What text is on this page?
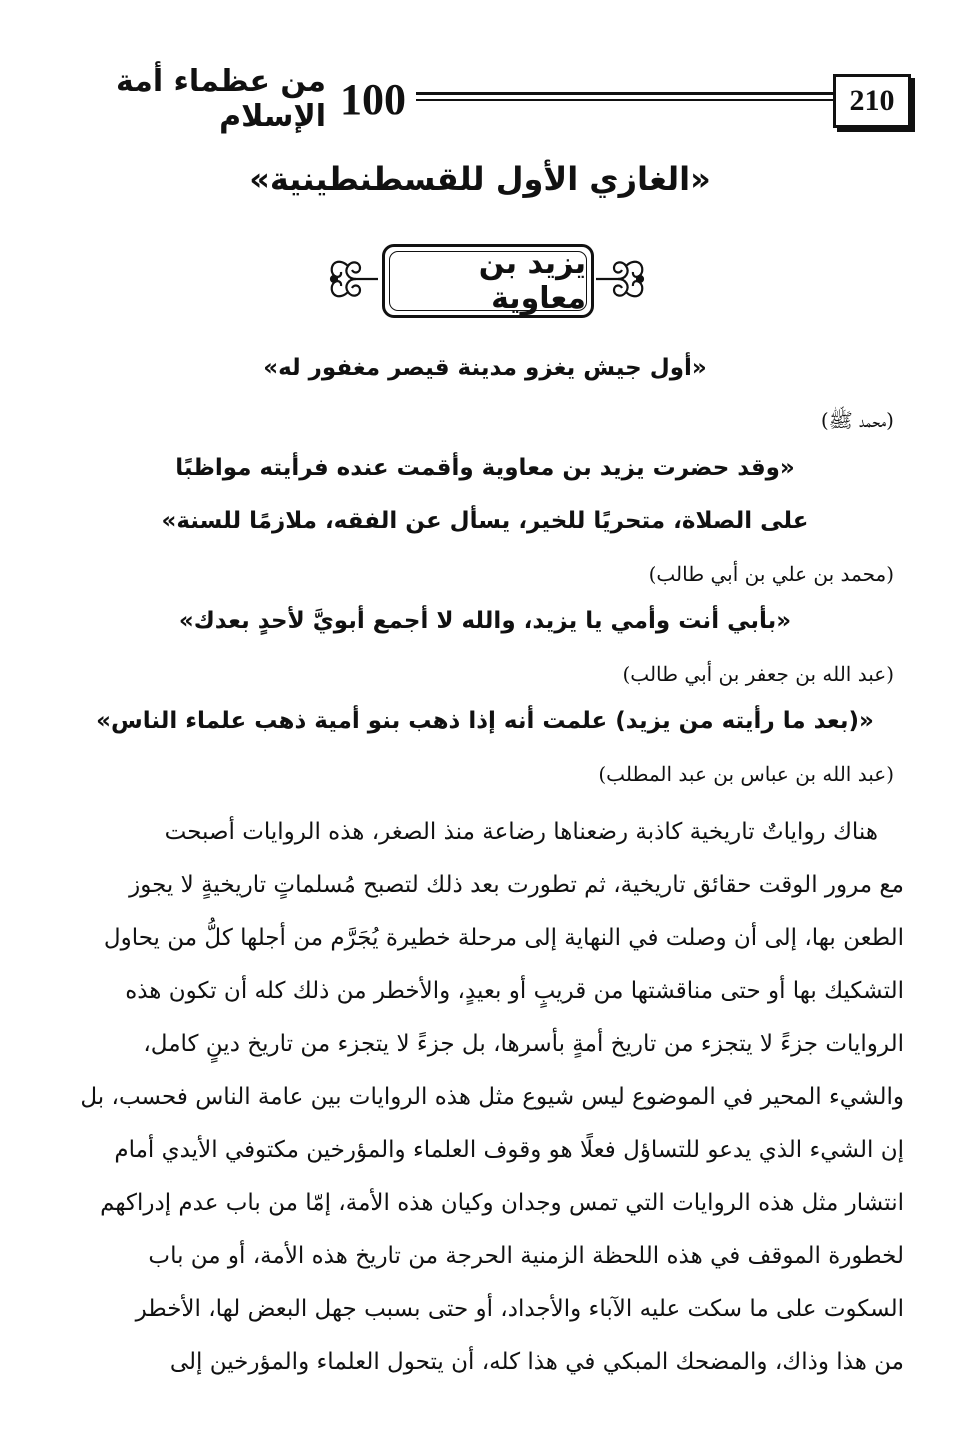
100
من عظماء أمة الإسلام	210
«الغازي الأول للقسطنطينية»
يزيد بن معاوية
«أول جيش يغزو مدينة قيصر مغفور له»
(محمد ﷺ)
«وقد حضرت يزيد بن معاوية وأقمت عنده فرأيته مواظبًا
على الصلاة، متحريًا للخير، يسأل عن الفقه، ملازمًا للسنة»
(محمد بن علي بن أبي طالب)
«بأبي أنت وأمي يا يزيد، والله لا أجمع أبويَّ لأحدٍ بعدك»
(عبد الله بن جعفر بن أبي طالب)
«(بعد ما رأيته من يزيد) علمت أنه إذا ذهب بنو أمية ذهب علماء الناس»
(عبد الله بن عباس بن عبد المطلب)
هناك رواياتٌ تاريخية كاذبة رضعناها رضاعة منذ الصغر، هذه الروايات أصبحت
مع مرور الوقت حقائق تاريخية، ثم تطورت بعد ذلك لتصبح مُسلماتٍ تاريخيةٍ لا يجوز
الطعن بها، إلى أن وصلت في النهاية إلى مرحلة خطيرة يُجَرَّم من أجلها كلُّ من يحاول
التشكيك بها أو حتى مناقشتها من قريبٍ أو بعيدٍ، والأخطر من ذلك كله أن تكون هذه
الروايات جزءً لا يتجزء من تاريخ أمةٍ بأسرها، بل جزءً لا يتجزء من تاريخ دينٍ كامل،
والشيء المحير في الموضوع ليس شيوع مثل هذه الروايات بين عامة الناس فحسب، بل
إن الشيء الذي يدعو للتساؤل فعلًا هو وقوف العلماء والمؤرخين مكتوفي الأيدي أمام
انتشار مثل هذه الروايات التي تمس وجدان وكيان هذه الأمة، إمّا من باب عدم إدراكهم
لخطورة الموقف في هذه اللحظة الزمنية الحرجة من تاريخ هذه الأمة، أو من باب
السكوت على ما سكت عليه الآباء والأجداد، أو حتى بسبب جهل البعض لها، الأخطر
من هذا وذاك، والمضحك المبكي في هذا كله، أن يتحول العلماء والمؤرخين إلى
